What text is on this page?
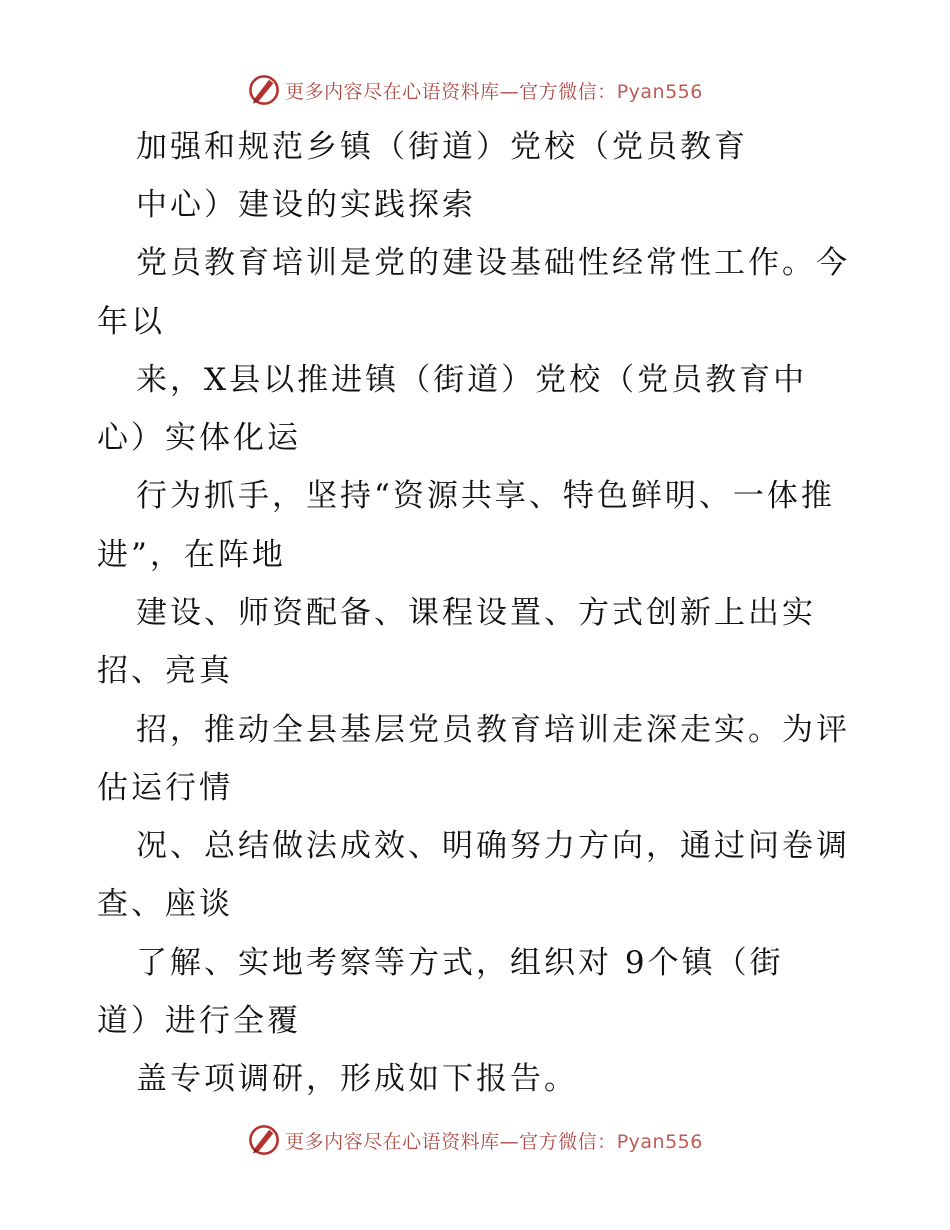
更多内容尽在心语资料库—官方微信：Pyan556
加强和规范乡镇（街道）党校（党员教育
中心）建设的实践探索
党员教育培训是党的建设基础性经常性工作。今
年以
来，X县以推进镇（街道）党校（党员教育中
心）实体化运
行为抓手，坚持“资源共享、特色鲜明、一体推
进”，在阵地
建设、师资配备、课程设置、方式创新上出实
招、亮真
招，推动全县基层党员教育培训走深走实。为评
估运行情
况、总结做法成效、明确努力方向，通过问卷调
查、座谈
了解、实地考察等方式，组织对 9个镇（街
道）进行全覆
盖专项调研，形成如下报告。
更多内容尽在心语资料库—官方微信：Pyan556
